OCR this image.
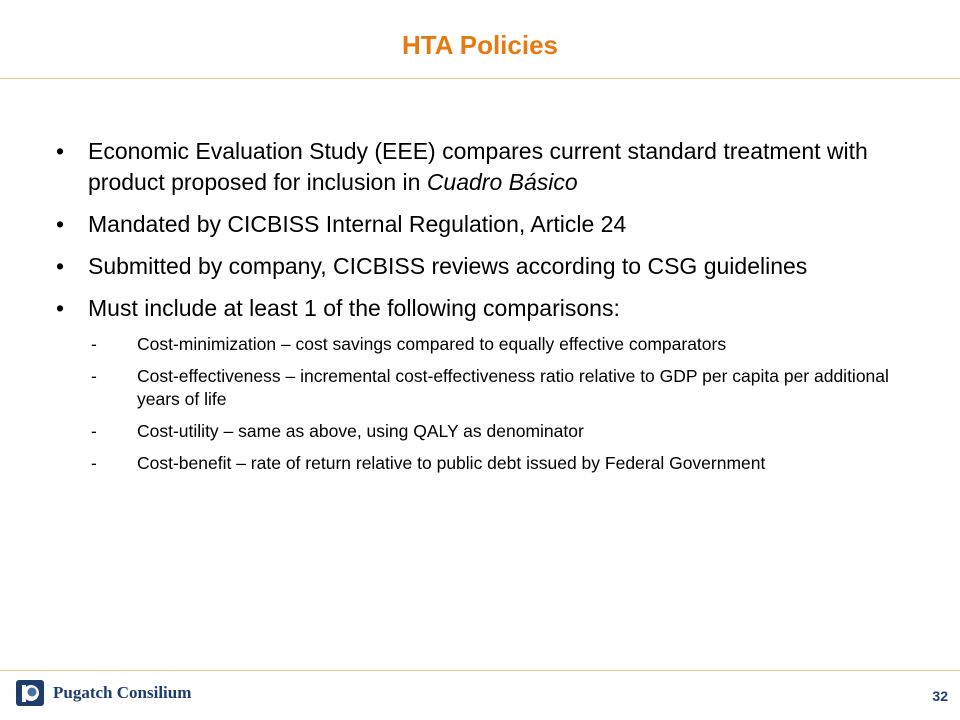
HTA Policies
• Economic Evaluation Study (EEE) compares current standard treatment with product proposed for inclusion in Cuadro Básico
• Mandated by CICBISS Internal Regulation, Article 24
• Submitted by company, CICBISS reviews according to CSG guidelines
• Must include at least 1 of the following comparisons:
- Cost-minimization – cost savings compared to equally effective comparators
- Cost-effectiveness – incremental cost-effectiveness ratio relative to GDP per capita per additional years of life
- Cost-utility – same as above, using QALY as denominator
- Cost-benefit – rate of return relative to public debt issued by Federal Government
Pugatch Consilium	32
